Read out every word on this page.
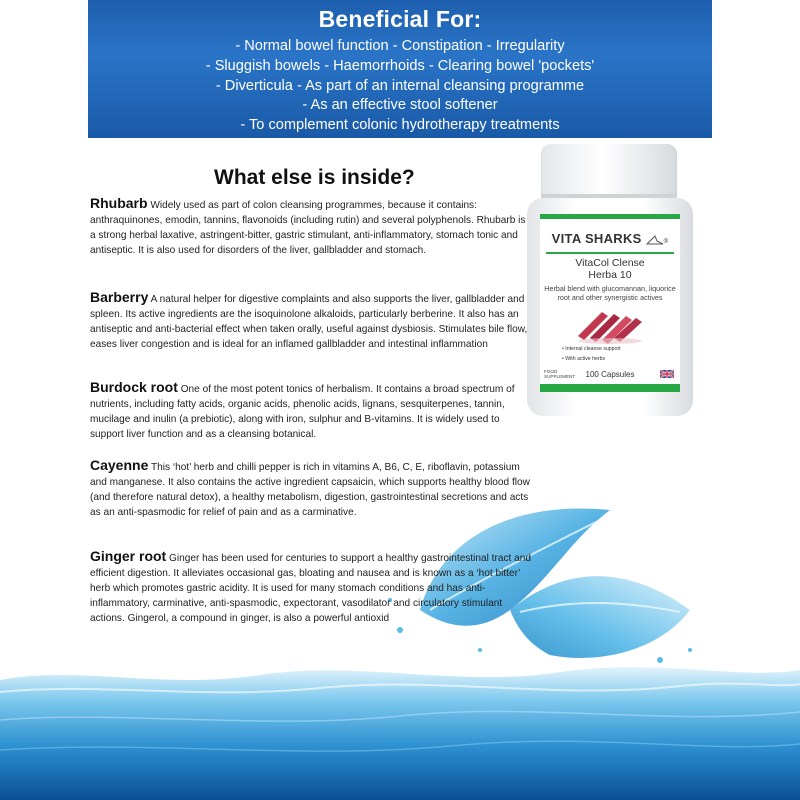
Beneficial For:
- Normal bowel function - Constipation - Irregularity
- Sluggish bowels - Haemorrhoids - Clearing bowel 'pockets'
- Diverticula - As part of an internal cleansing programme
- As an effective stool softener
- To complement colonic hydrotherapy treatments
What else is inside?
Rhubarb Widely used as part of colon cleansing programmes, because it contains: anthraquinones, emodin, tannins, flavonoids (including rutin) and several polyphenols. Rhubarb is a strong herbal laxative, astringent-bitter, gastric stimulant, anti-inflammatory, stomach tonic and antiseptic. It is also used for disorders of the liver, gallbladder and stomach.
Barberry A natural helper for digestive complaints and also supports the liver, gallbladder and spleen. Its active ingredients are the isoquinolone alkaloids, particularly berberine. It also has an antiseptic and anti-bacterial effect when taken orally, useful against dysbiosis. Stimulates bile flow, eases liver congestion and is ideal for an inflamed gallbladder and intestinal inflammation
Burdock root One of the most potent tonics of herbalism. It contains a broad spectrum of nutrients, including fatty acids, organic acids, phenolic acids, lignans, sesquiterpenes, tannin, mucilage and inulin (a prebiotic), along with iron, sulphur and B-vitamins. It is widely used to support liver function and as a cleansing botanical.
Cayenne This ‘hot’ herb and chilli pepper is rich in vitamins A, B6, C, E, riboflavin, potassium and manganese. It also contains the active ingredient capsaicin, which supports healthy blood flow (and therefore natural detox), a healthy metabolism, digestion, gastrointestinal secretions and acts as an anti-spasmodic for relief of pain and as a carminative.
Ginger root Ginger has been used for centuries to support a healthy gastrointestinal tract and efficient digestion. It alleviates occasional gas, bloating and nausea and is known as a ‘hot bitter’ herb which promotes gastric acidity. It is used for many stomach conditions and has anti-inflammatory, carminative, anti-spasmodic, expectorant, vasodilator and circulatory stimulant actions. Gingerol, a compound in ginger, is also a powerful antioxid
VITA SHARKS	®
VitaCol Clense
Herba 10
Herbal blend with glucomannan, liquorice root and other synergistic actives
• Internal cleanse support
• With active herbs
FOOD
SUPPLEMENT	100 Capsules
